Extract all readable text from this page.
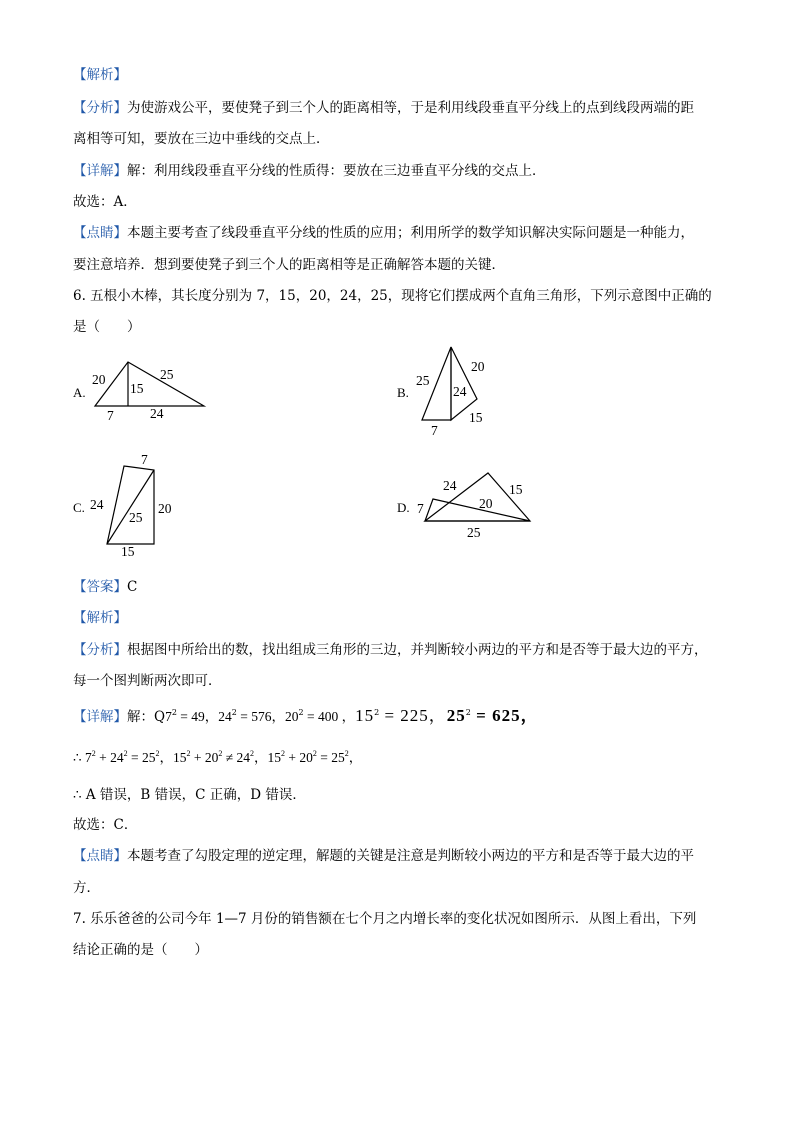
【解析】
【分析】为使游戏公平，要使凳子到三个人的距离相等，于是利用线段垂直平分线上的点到线段两端的距
离相等可知，要放在三边中垂线的交点上．
【详解】解：利用线段垂直平分线的性质得：要放在三边垂直平分线的交点上．
故选：A．
【点睛】本题主要考查了线段垂直平分线的性质的应用；利用所学的数学知识解决实际问题是一种能力，
要注意培养．想到要使凳子到三个人的距离相等是正确解答本题的关键．
6. 五根小木棒，其长度分别为 7，15，20，24，25，现将它们摆成两个直角三角形，下列示意图中正确的
是（　　）
A.
20
15
25
7	24
25
24
20
15
7
7
24
25
20
15
7
24
20
15
25
B.
C.	D.
【答案】C
【解析】
【分析】根据图中所给出的数，找出组成三角形的三边，并判断较小两边的平方和是否等于最大边的平方，
每一个图判断两次即可．
【详解】解：$Q7^2 = 49$，$24^2 = 576$，$20^2 = 400$ ，$15^2 = 225$，$25^2 = 625$，
∴ $7^2 + 24^2 = 25^2$，$15^2 + 20^2 \ne 24^2$，$15^2 + 20^2 = 25^2$，
∴ A 错误，B 错误，C 正确，D 错误．
故选：C．
【点睛】本题考查了勾股定理的逆定理，解题的关键是注意是判断较小两边的平方和是否等于最大边的平
方．
7. 乐乐爸爸的公司今年 1—7 月份的销售额在七个月之内增长率的变化状况如图所示．从图上看出，下列
结论正确的是（　　）
